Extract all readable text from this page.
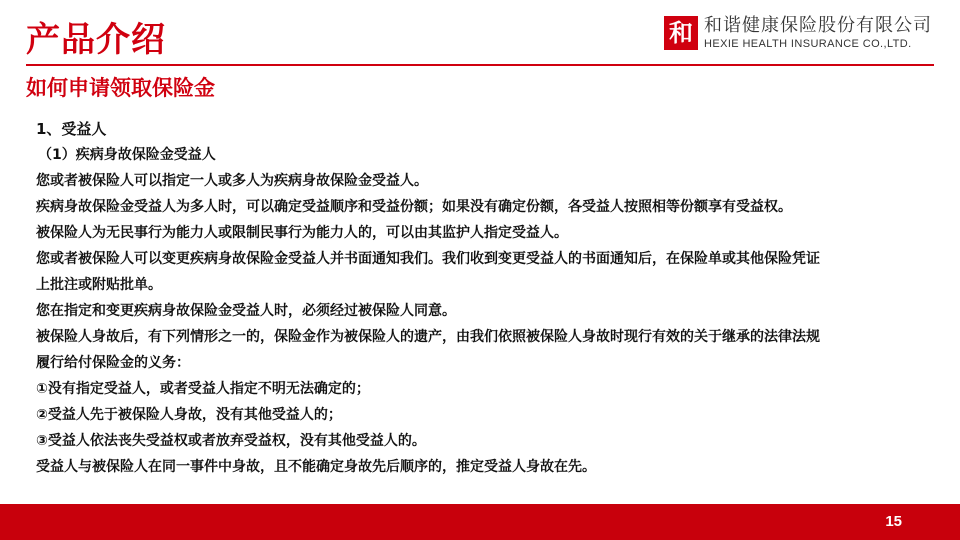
产品介绍	和 和谐健康保险股份有限公司
HEXIE HEALTH INSURANCE CO.,LTD.
如何申请领取保险金
1、受益人
（1）疾病身故保险金受益人
您或者被保险人可以指定一人或多人为疾病身故保险金受益人。
疾病身故保险金受益人为多人时，可以确定受益顺序和受益份额；如果没有确定份额，各受益人按照相等份额享有受益权。
被保险人为无民事行为能力人或限制民事行为能力人的，可以由其监护人指定受益人。
您或者被保险人可以变更疾病身故保险金受益人并书面通知我们。我们收到变更受益人的书面通知后，在保险单或其他保险凭证
上批注或附贴批单。
您在指定和变更疾病身故保险金受益人时，必须经过被保险人同意。
被保险人身故后，有下列情形之一的，保险金作为被保险人的遗产，由我们依照被保险人身故时现行有效的关于继承的法律法规
履行给付保险金的义务：
①没有指定受益人，或者受益人指定不明无法确定的；
②受益人先于被保险人身故，没有其他受益人的；
③受益人依法丧失受益权或者放弃受益权，没有其他受益人的。
受益人与被保险人在同一事件中身故，且不能确定身故先后顺序的，推定受益人身故在先。
15
